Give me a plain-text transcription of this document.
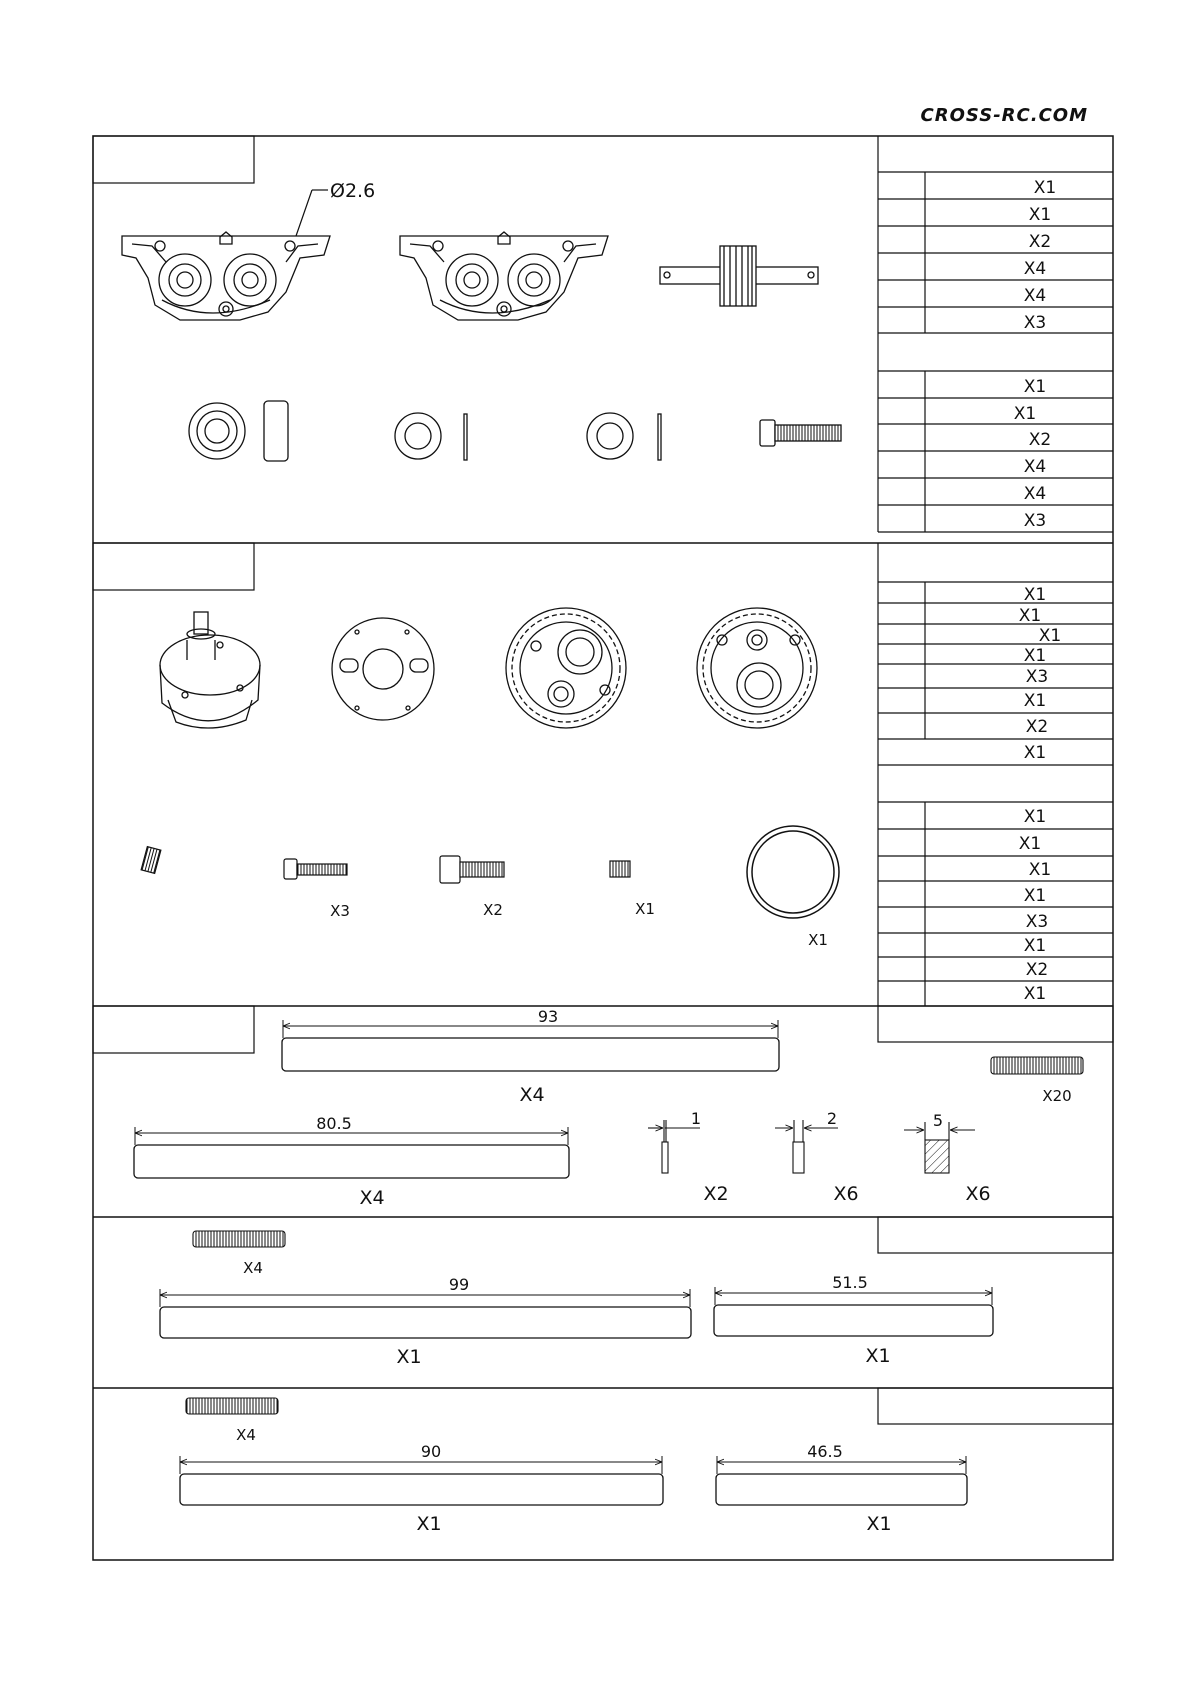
CROSS-RC.COM
X1
X1
X2
X4
X4
X3
X1
X1
X2
X4
X4
X3
X1
X1
X1
X1
X3
X1
X2
X1
X1
X1
X1
X1
X3
X1
X2
X1
Ø2.6
X3	X2	X1
X1
93
X4
80.5
X4
1
X2
2
X6
5
X6
X20
X4
99
X1
51.5
X1
X4
90
X1
46.5
X1
